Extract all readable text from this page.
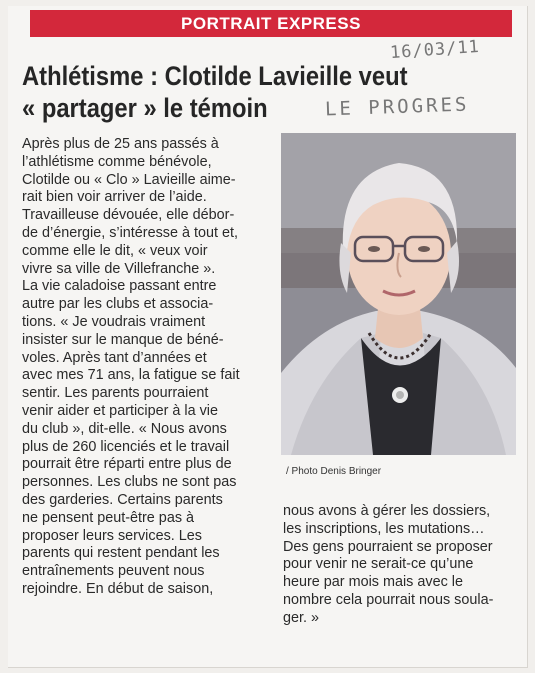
PORTRAIT EXPRESS
16/03/11
LE PROGRES
Athlétisme : Clotilde Lavieille veut
« partager » le témoin
Après plus de 25 ans passés à
l’athlétisme comme bénévole,
Clotilde ou « Clo » Lavieille aime-
rait bien voir arriver de l’aide.
Travailleuse dévouée, elle débor-
de d’énergie, s’intéresse à tout et,
comme elle le dit, « veux voir
vivre sa ville de Villefranche ».
La vie caladoise passant entre
autre par les clubs et associa-
tions. « Je voudrais vraiment
insister sur le manque de béné-
voles. Après tant d’années et
avec mes 71 ans, la fatigue se fait
sentir. Les parents pourraient
venir aider et participer à la vie
du club », dit-elle. « Nous avons
plus de 260 licenciés et le travail
pourrait être réparti entre plus de
personnes. Les clubs ne sont pas
des garderies. Certains parents
ne pensent peut-être pas à
proposer leurs services. Les
parents qui restent pendant les
entraînements peuvent nous
rejoindre. En début de saison,
/ Photo Denis Bringer
nous avons à gérer les dossiers,
les inscriptions, les mutations…
Des gens pourraient se proposer
pour venir ne serait-ce qu’une
heure par mois mais avec le
nombre cela pourrait nous soula-
ger. »
